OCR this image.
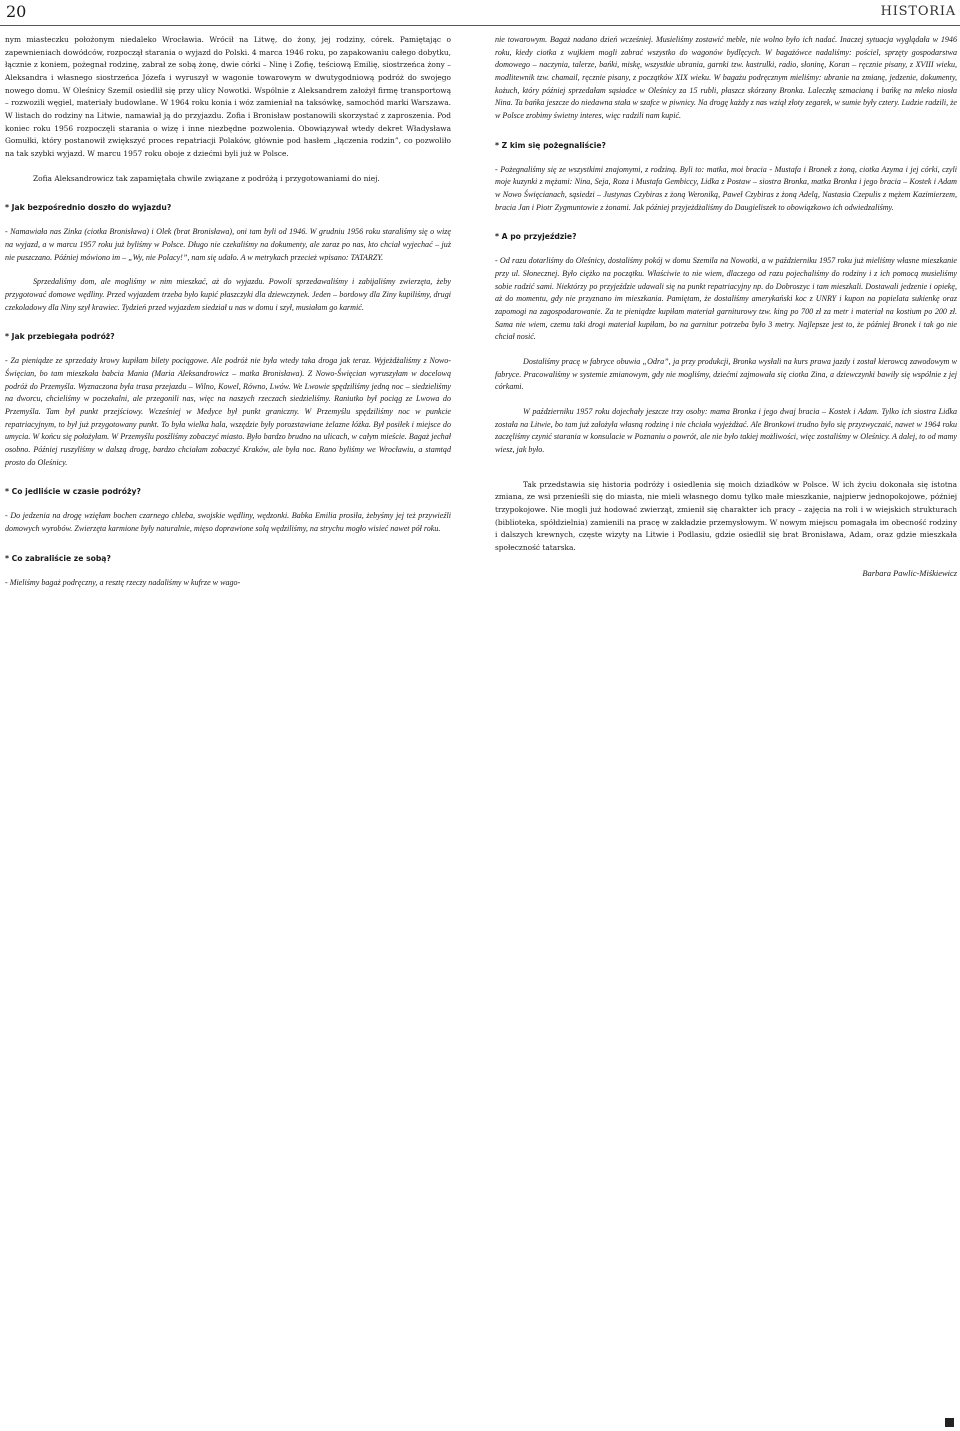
20	HISTORIA

nym miasteczku położonym niedaleko Wrocławia. Wrócił na Litwę, do żony, jej rodziny, córek. Pamiętając o zapewnieniach dowódców, rozpoczął starania o wyjazd do Polski. 4 marca 1946 roku, po zapakowaniu całego dobytku, łącznie z koniem, pożegnał rodzinę, zabrał ze sobą żonę, dwie córki – Ninę i Zofię, teściową Emilię, siostrzeńca żony – Aleksandra i własnego siostrzeńca Józefa i wyruszył w wagonie towarowym w dwutygodniową podróż do swojego nowego domu. W Oleśnicy Szemil osiedlił się przy ulicy Nowotki. Wspólnie z Aleksandrem założył firmę transportową – rozwozili węgiel, materiały budowlane. W 1964 roku konia i wóz zamieniał na taksówkę, samochód marki Warszawa. W listach do rodziny na Litwie, namawiał ją do przyjazdu. Zofia i Bronisław postanowili skorzystać z zaproszenia. Pod koniec roku 1956 rozpoczęli starania o wizę i inne niezbędne pozwolenia. Obowiązywał wtedy dekret Władysława Gomułki, który postanowił zwiększyć proces repatriacji Polaków, głównie pod hasłem „łączenia rodzin”, co pozwoliło na tak szybki wyjazd. W marcu 1957 roku oboje z dziećmi byli już w Polsce.

Zofia Aleksandrowicz tak zapamiętała chwile związane z podróżą i przygotowaniami do niej.

* Jak bezpośrednio doszło do wyjazdu?

- Namawiała nas Zinka (ciotka Bronisława) i Olek (brat Bronisława), oni tam byli od 1946. W grudniu 1956 roku staraliśmy się o wizę na wyjazd, a w marcu 1957 roku już byliśmy w Polsce. Długo nie czekaliśmy na dokumenty, ale zaraz po nas, kto chciał wyjechać – już nie puszczano. Później mówiono im – „Wy, nie Polacy!”, nam się udało. A w metrykach przecież wpisano: TATARZY.

Sprzedaliśmy dom, ale mogliśmy w nim mieszkać, aż do wyjazdu. Powoli sprzedawaliśmy i zabijaliśmy zwierzęta, żeby przygotować domowe wędliny. Przed wyjazdem trzeba było kupić płaszczyki dla dziewczynek. Jeden – bordowy dla Ziny kupiliśmy, drugi czekoladowy dla Niny szył krawiec. Tydzień przed wyjazdem siedział u nas w domu i szył, musiałam go karmić.

* Jak przebiegała podróż?

- Za pieniądze ze sprzedaży krowy kupiłam bilety pociągowe. Ale podróż nie była wtedy taka droga jak teraz. Wyjeżdżaliśmy z Nowo-Święcian, bo tam mieszkała babcia Mania (Maria Aleksandrowicz – matka Bronisława). Z Nowo-Święcian wyruszyłam w docelową podróż do Przemyśla. Wyznaczona była trasa przejazdu – Wilno, Kowel, Równo, Lwów. We Lwowie spędziliśmy jedną noc – siedzieliśmy na dworcu, chcieliśmy w poczekalni, ale przegonili nas, więc na naszych rzeczach siedzieliśmy. Raniutko był pociąg ze Lwowa do Przemyśla. Tam był punkt przejściowy. Wcześniej w Medyce był punkt graniczny. W Przemyślu spędziliśmy noc w punkcie repatriacyjnym, to był już przygotowany punkt. To była wielka hala, wszędzie były porozstawiane żelazne łóżka. Był posiłek i miejsce do umycia. W końcu się położyłam. W Przemyślu posźliśmy zobaczyć miasto. Było bardzo brudno na ulicach, w całym mieście. Bagaż jechał osobno. Później ruszyliśmy w dalszą drogę, bardzo chciałam zobaczyć Kraków, ale była noc. Rano byliśmy we Wrocławiu, a stamtąd prosto do Oleśnicy.

* Co jedliście w czasie podróży?

- Do jedzenia na drogę wzięłam bochen czarnego chleba, swojskie wędliny, wędzonki. Babka Emilia prosiła, żebyśmy jej też przywieźli domowych wyrobów. Zwierzęta karmione były naturalnie, mięso doprawione solą wędziliśmy, na strychu mogło wisieć nawet pół roku.

* Co zabraliście ze sobą?

- Mieliśmy bagaż podręczny, a resztę rzeczy nadaliśmy w kufrze w wago-

nie towarowym. Bagaż nadano dzień wcześniej. Musieliśmy zostawić meble, nie wolno było ich nadać. Inaczej sytuacja wyglądała w 1946 roku, kiedy ciotka z wujkiem mogli zabrać wszystko do wagonów bydlęcych. W bagażówce nadaliśmy: pościel, sprzęty gospodarstwa domowego – naczynia, talerze, bańki, miskę, wszystkie ubrania, garnki tzw. kastrulki, radio, słoninę, Koran – ręcznie pisany, z XVIII wieku, modlitewnik tzw. chamail, ręcznie pisany, z początków XIX wieku. W bagażu podręcznym mieliśmy: ubranie na zmianę, jedzenie, dokumenty, kożuch, który później sprzedałam sąsiadce w Oleśnicy za 15 rubli, płaszcz skórzany Bronka. Laleczkę szmacianą i bańkę na mleko niosła Nina. Ta bańka jeszcze do niedawna stała w szafce w piwnicy. Na drogę każdy z nas wziął złoty zegarek, w sumie były cztery. Ludzie radzili, że w Polsce zrobimy świetny interes, więc radzili nam kupić.

* Z kim się pożegnaliście?

- Pożegnaliśmy się ze wszystkimi znajomymi, z rodziną. Byli to: matka, moi bracia - Mustafa i Bronek z żoną, ciotka Azyma i jej córki, czyli moje kuzynki z mężami: Nina, Seja, Roza i Mustafa Gembiccy, Lidka z Postaw – siostra Bronka, matka Bronka i jego bracia – Kostek i Adam w Nowo Święcianach, sąsiedzi – Justynas Czybiras z żoną Weroniką, Paweł Czybiras z żoną Adelą, Nastasia Czepulis z mężem Kazimierzem, bracia Jan i Piotr Zygmuntowie z żonami. Jak później przyjeżdżaliśmy do Daugieliszek to obowiązkowo ich odwiedzaliśmy.

* A po przyjeździe?

- Od razu dotarliśmy do Oleśnicy, dostaliśmy pokój w domu Szemila na Nowotki, a w październiku 1957 roku już mieliśmy własne mieszkanie przy ul. Słonecznej. Było ciężko na początku. Właściwie to nie wiem, dlaczego od razu pojechaliśmy do rodziny i z ich pomocą musieliśmy sobie radzić sami. Niektórzy po przyjeździe udawali się na punkt repatriacyjny np. do Dobroszyc i tam mieszkali. Dostawali jedzenie i opiekę, aż do momentu, gdy nie przyznano im mieszkania. Pamiętam, że dostaliśmy amerykański koc z UNRY i kupon na popielata sukienkę oraz zapomogi na zagospodarowanie. Za te pieniądze kupiłam materiał garniturowy tzw. king po 700 zł za metr i materiał na kostium po 200 zł. Sama nie wiem, czemu taki drogi materiał kupiłam, bo na garnitur potrzeba było 3 metry. Najlepsze jest to, że później Bronek i tak go nie chciał nosić.

Dostaliśmy pracę w fabryce obuwia „Odra”, ja przy produkcji, Bronka wysłali na kurs prawa jazdy i został kierowcą zawodowym w fabryce. Pracowaliśmy w systemie zmianowym, gdy nie mogliśmy, dziećmi zajmowała się ciotka Zina, a dziewczynki bawiły się wspólnie z jej córkami.

W październiku 1957 roku dojechały jeszcze trzy osoby: mama Bronka i jego dwaj bracia – Kostek i Adam. Tylko ich siostra Lidka została na Litwie, bo tam już założyła własną rodzinę i nie chciała wyjeżdżać. Ale Bronkowi trudno było się przyzwyczaić, nawet w 1964 roku zaczęliśmy czynić starania w konsulacie w Poznaniu o powrót, ale nie było takiej możliwości, więc zostaliśmy w Oleśnicy. A dalej, to od mamy wiesz, jak było.

Tak przedstawia się historia podróży i osiedlenia się moich dziadków w Polsce. W ich życiu dokonała się istotna zmiana, ze wsi przenieśli się do miasta, nie mieli własnego domu tylko małe mieszkanie, najpierw jednopokojowe, później trzypokojowe. Nie mogli już hodować zwierząt, zmienił się charakter ich pracy – zajęcia na roli i w wiejskich strukturach (biblioteka, spółdzielnia) zamienili na pracę w zakładzie przemysłowym. W nowym miejscu pomagała im obecność rodziny i dalszych krewnych, częste wizyty na Litwie i Podlasiu, gdzie osiedlił się brat Bronisława, Adam, oraz gdzie mieszkała społeczność tatarska.

Barbara Pawlic-Miśkiewicz
